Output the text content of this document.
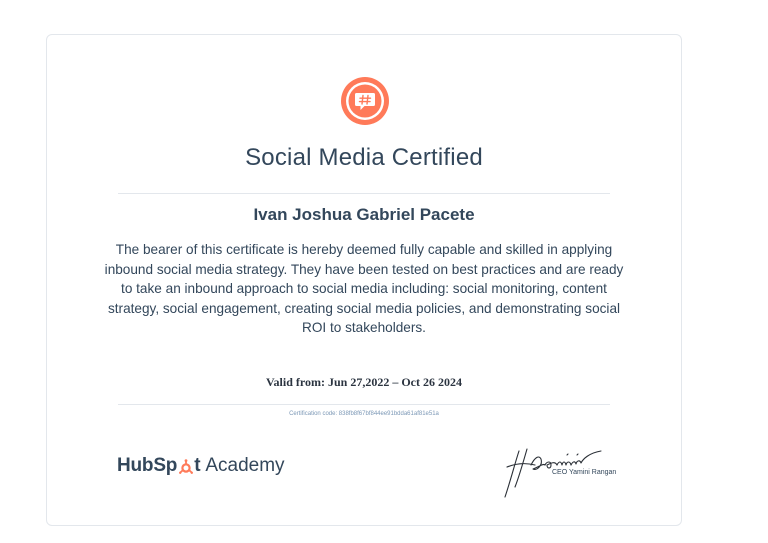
Social Media Certified
Ivan Joshua Gabriel Pacete
The bearer of this certificate is hereby deemed fully capable and skilled in applying inbound social media strategy. They have been tested on best practices and are ready to take an inbound approach to social media including: social monitoring, content strategy, social engagement, creating social media policies, and demonstrating social ROI to stakeholders.
Valid from: Jun 27,2022 – Oct 26 2024
Certification code: 838fb8f67bf844ee91bdda61af81e51a
HubSp t Academy	CEO Yamini Rangan
